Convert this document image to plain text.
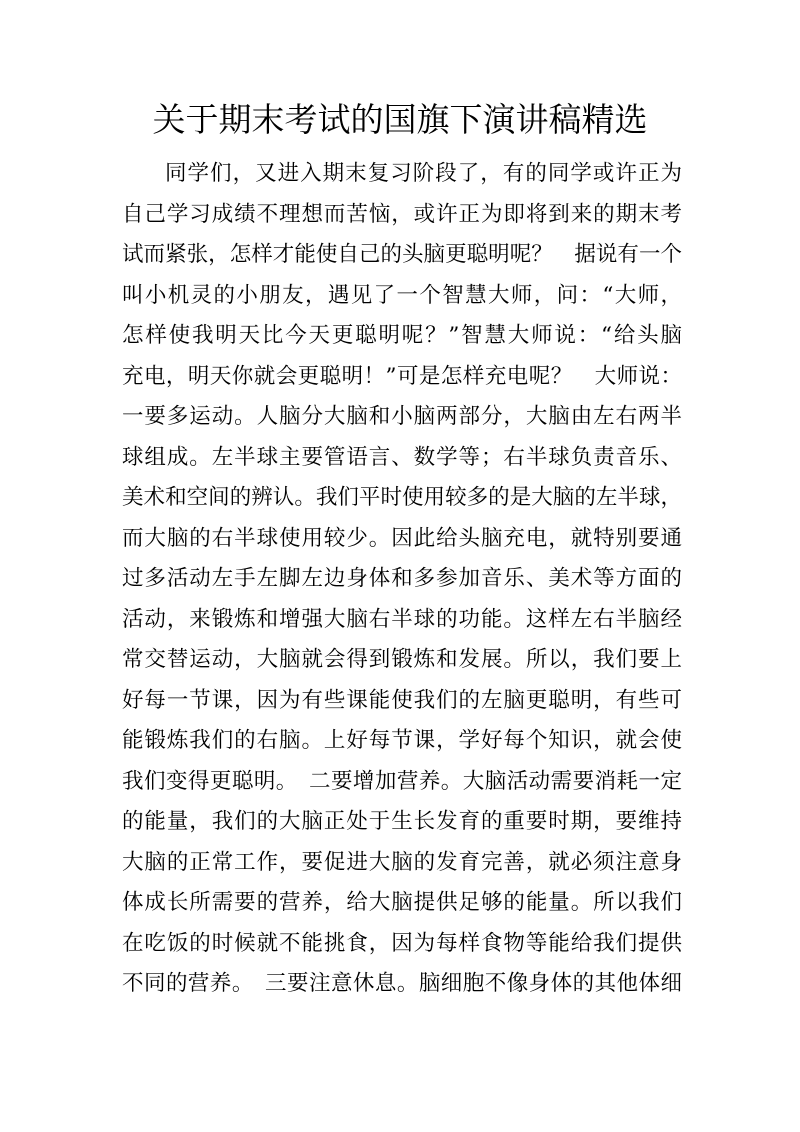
关于期末考试的国旗下演讲稿精选
同学们，又进入期末复习阶段了，有的同学或许正为
自己学习成绩不理想而苦恼，或许正为即将到来的期末考
试而紧张，怎样才能使自己的头脑更聪明呢？　据说有一个
叫小机灵的小朋友，遇见了一个智慧大师，问：“大师，
怎样使我明天比今天更聪明呢？”智慧大师说：“给头脑
充电，明天你就会更聪明！”可是怎样充电呢？　大师说：
一要多运动。人脑分大脑和小脑两部分，大脑由左右两半
球组成。左半球主要管语言、数学等；右半球负责音乐、
美术和空间的辨认。我们平时使用较多的是大脑的左半球，
而大脑的右半球使用较少。因此给头脑充电，就特别要通
过多活动左手左脚左边身体和多参加音乐、美术等方面的
活动，来锻炼和增强大脑右半球的功能。这样左右半脑经
常交替运动，大脑就会得到锻炼和发展。所以，我们要上
好每一节课，因为有些课能使我们的左脑更聪明，有些可
能锻炼我们的右脑。上好每节课，学好每个知识，就会使
我们变得更聪明。　二要增加营养。大脑活动需要消耗一定
的能量，我们的大脑正处于生长发育的重要时期，要维持
大脑的正常工作，要促进大脑的发育完善，就必须注意身
体成长所需要的营养，给大脑提供足够的能量。所以我们
在吃饭的时候就不能挑食，因为每样食物等能给我们提供
不同的营养。　三要注意休息。脑细胞不像身体的其他体细
